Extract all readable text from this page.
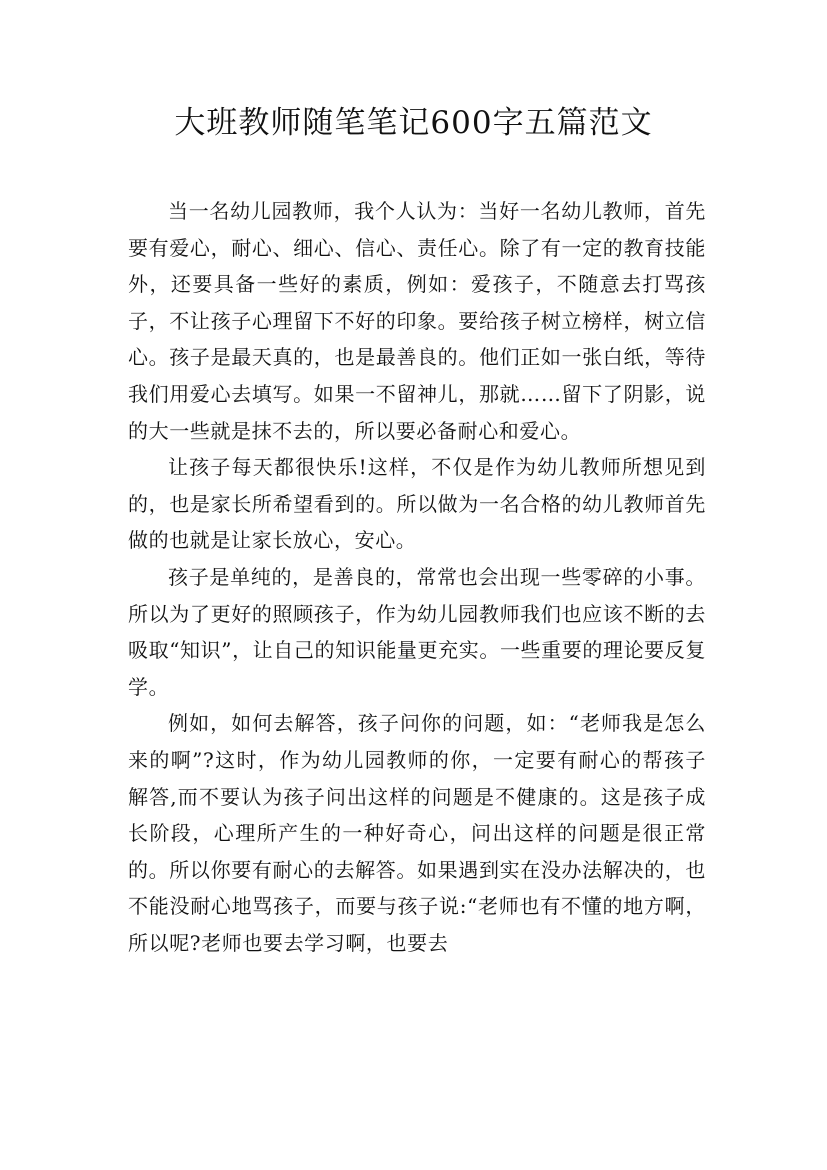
大班教师随笔笔记600字五篇范文

当一名幼儿园教师，我个人认为：当好一名幼儿教师，首先要有爱心，耐心、细心、信心、责任心。除了有一定的教育技能外，还要具备一些好的素质，例如：爱孩子，不随意去打骂孩子，不让孩子心理留下不好的印象。要给孩子树立榜样，树立信心。孩子是最天真的，也是最善良的。他们正如一张白纸，等待我们用爱心去填写。如果一不留神儿，那就……留下了阴影，说的大一些就是抹不去的，所以要必备耐心和爱心。

让孩子每天都很快乐!这样，不仅是作为幼儿教师所想见到的，也是家长所希望看到的。所以做为一名合格的幼儿教师首先做的也就是让家长放心，安心。

孩子是单纯的，是善良的，常常也会出现一些零碎的小事。所以为了更好的照顾孩子，作为幼儿园教师我们也应该不断的去吸取“知识”，让自己的知识能量更充实。一些重要的理论要反复学。

例如，如何去解答，孩子问你的问题，如：“老师我是怎么来的啊”?这时，作为幼儿园教师的你，一定要有耐心的帮孩子解答,而不要认为孩子问出这样的问题是不健康的。这是孩子成长阶段，心理所产生的一种好奇心，问出这样的问题是很正常的。所以你要有耐心的去解答。如果遇到实在没办法解决的，也不能没耐心地骂孩子，而要与孩子说:“老师也有不懂的地方啊，所以呢?老师也要去学习啊，也要去
